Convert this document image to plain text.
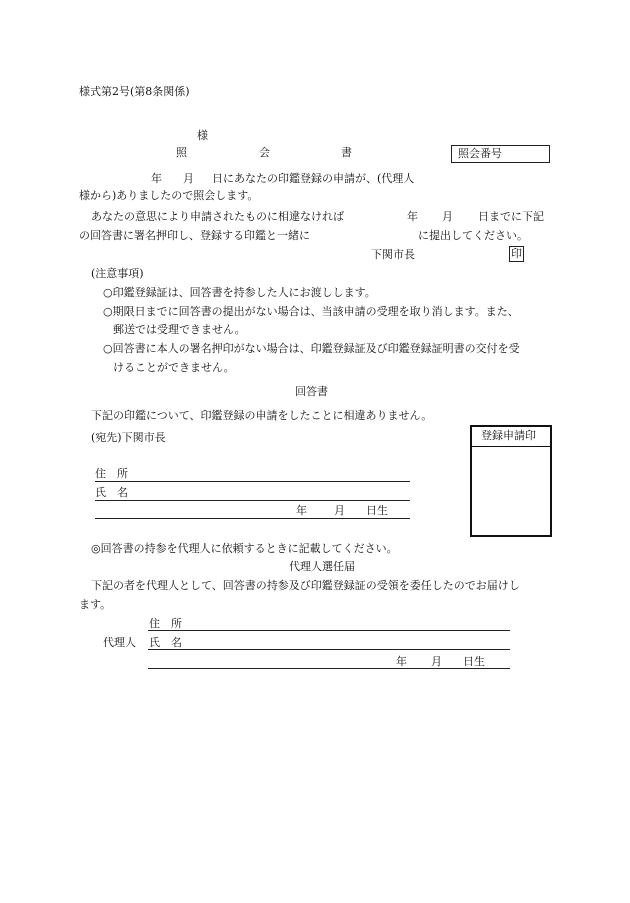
様式第2号(第8条関係)
様
照	会	書	照会番号
年 月 日にあなたの印鑑登録の申請が、(代理人
様から)ありましたので照会します。
あなたの意思により申請されたものに相違なければ	年 月 日までに下記
の回答書に署名押印し、登録する印鑑と一緒に	に提出してください。
下関市長	印
(注意事項)
○印鑑登録証は、回答書を持参した人にお渡しします。
○期限日までに回答書の提出がない場合は、当該申請の受理を取り消します。また、
郵送では受理できません。
○回答書に本人の署名押印がない場合は、印鑑登録証及び印鑑登録証明書の交付を受
けることができません。
回答書
下記の印鑑について、印鑑登録の申請をしたことに相違ありません。
(宛先)下関市長
住　所
氏　名
年 月 日生
登録申請印
◎回答書の持参を代理人に依頼するときに記載してください。
代理人選任届
下記の者を代理人として、回答書の持参及び印鑑登録証の受領を委任したのでお届けし
ます。
住　所
代理人 氏　名
年 月 日生
